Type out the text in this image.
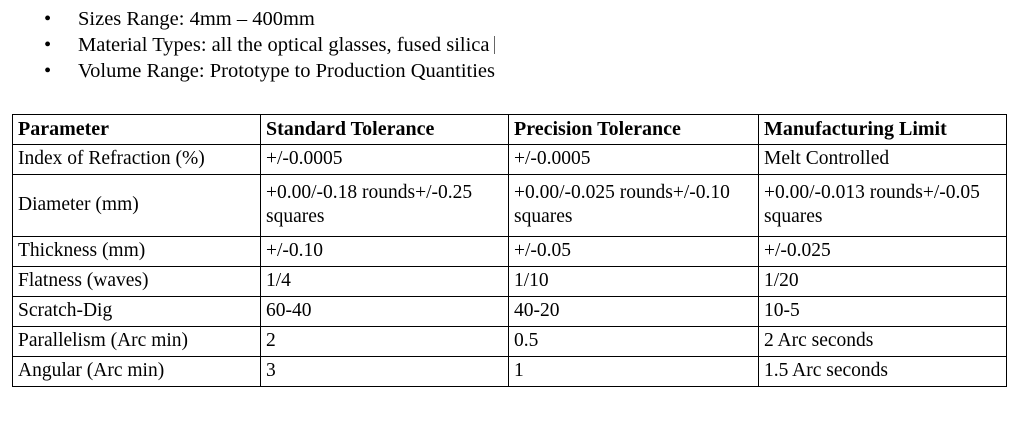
• Sizes Range: 4mm – 400mm
• Material Types: all the optical glasses, fused silica
• Volume Range: Prototype to Production Quantities
Parameter	Standard Tolerance	Precision Tolerance	Manufacturing Limit
Index of Refraction (%)	+/-0.0005	+/-0.0005	Melt Controlled
Diameter (mm)	+0.00/-0.18 rounds+/-0.25 squares	+0.00/-0.025 rounds+/-0.10 squares	+0.00/-0.013 rounds+/-0.05 squares
Thickness (mm)	+/-0.10	+/-0.05	+/-0.025
Flatness (waves)	1/4	1/10	1/20
Scratch-Dig	60-40	40-20	10-5
Parallelism (Arc min)	2	0.5	2 Arc seconds
Angular (Arc min)	3	1	1.5 Arc seconds
